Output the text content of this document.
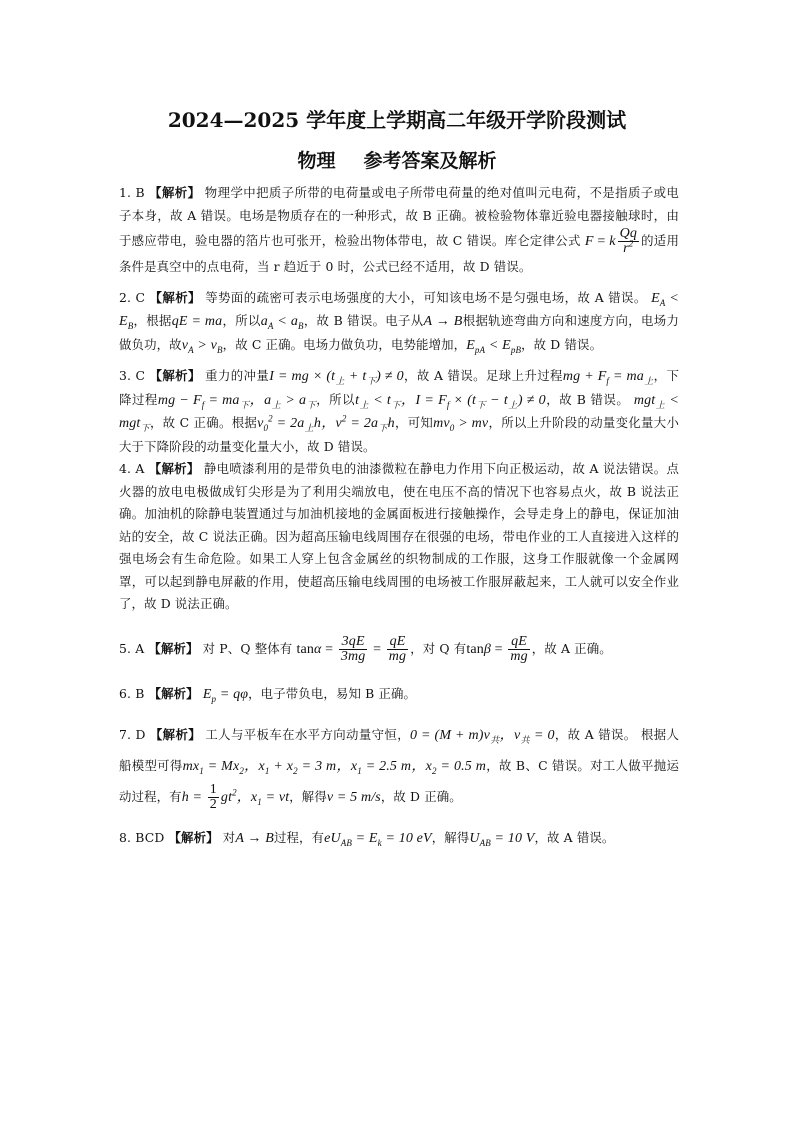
2024—2025 学年度上学期高二年级开学阶段测试
物理 参考答案及解析

1. B 【解析】 物理学中把质子所带的电荷量或电子所带电荷量的绝对值叫元电荷，不是指质子或电子本身，故 A 错误。电场是物质存在的一种形式，故 B 正确。被检验物体靠近验电器接触球时，由于感应带电，验电器的箔片也可张开，检验出物体带电，故 C 错误。库仑定律公式 F = k $\frac{Qq}{r^2}$ 的适用条件是真空中的点电荷，当 r 趋近于 0 时，公式已经不适用，故 D 错误。

2. C 【解析】 等势面的疏密可表示电场强度的大小，可知该电场不是匀强电场，故 A 错误。 $E_A < E_B$，根据qE = ma，所以$a_A < a_B$，故 B 错误。电子从A → B根据轨迹弯曲方向和速度方向，电场力做负功，故$v_A > v_B$，故 C 正确。电场力做负功，电势能增加，$E_{pA} < E_{pB}$，故 D 错误。

3. C 【解析】 重力的冲量I = mg × $(t_上 + t_下) \ne 0$，故 A 错误。足球上升过程mg + $F_f = ma_上$，下降过程mg − $F_f = ma_下$，$a_上 > a_下$，所以$t_上 < t_下$，$I = F_f \times (t_下 - t_上) \ne 0$，故 B 错误。 mgt$_上$ < mgt$_下$，故 C 正确。根据$v_0^2 = 2a_上h$，$v^2 = 2a_下h$，可知$mv_0$ > mv，所以上升阶段的动量变化量大小大于下降阶段的动量变化量大小，故 D 错误。

4. A 【解析】 静电喷漆利用的是带负电的油漆微粒在静电力作用下向正极运动，故 A 说法错误。点火器的放电电极做成钉尖形是为了利用尖端放电，使在电压不高的情况下也容易点火，故 B 说法正确。加油机的除静电装置通过与加油机接地的金属面板进行接触操作，会导走身上的静电，保证加油站的安全，故 C 说法正确。因为超高压输电线周围存在很强的电场，带电作业的工人直接进入这样的强电场会有生命危险。如果工人穿上包含金属丝的织物制成的工作服，这身工作服就像一个金属网罩，可以起到静电屏蔽的作用，使超高压输电线周围的电场被工作服屏蔽起来，工人就可以安全作业了，故 D 说法正确。

5. A 【解析】 对 P、Q 整体有 $\tan\alpha = \frac{3qE}{3mg} = \frac{qE}{mg}$ ，对 Q 有$\tan\beta = \frac{qE}{mg}$ ，故 A 正确。

6. B 【解析】 $E_p = q\varphi$，电子带负电，易知 B 正确。

7. D 【解析】 工人与平板车在水平方向动量守恒，$0 = (M + m)v_共$，$v_共 = 0$，故 A 错误。 根据人船模型可得$mx_1 = Mx_2$，$x_1 + x_2 = 3$ m，$x_1 = 2.5$ m，$x_2 = 0.5$ m，故 B、C 错误。对工人做平抛运动过程，有$h = \frac{1}{2} gt^2$，$x_1$ = vt，解得v = 5 m/s，故 D 正确。

8. BCD 【解析】 对A → B过程，有$eU_{AB} = E_k = 10$ eV，解得$U_{AB} = 10$ V，故 A 错误。
